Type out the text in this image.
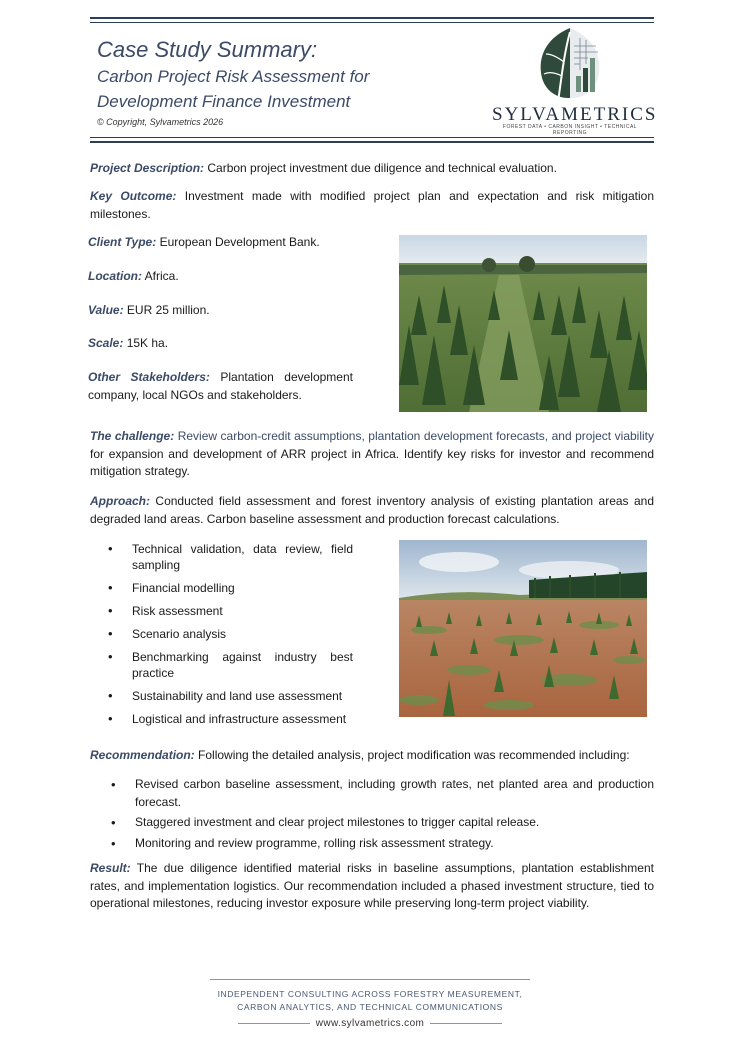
Case Study Summary:
Carbon Project Risk Assessment for
Development Finance Investment
© Copyright, Sylvametrics 2026	SYLVAMETRICS
FOREST DATA • CARBON INSIGHT • TECHNICAL REPORTING
Project Description: Carbon project investment due diligence and technical evaluation.
Key Outcome: Investment made with modified project plan and expectation and risk mitigation milestones.
Client Type: European Development Bank.
Location: Africa.
Value: EUR 25 million.
Scale: 15K ha.
Other Stakeholders: Plantation development company, local NGOs and stakeholders.
The challenge: Review carbon-credit assumptions, plantation development forecasts, and project viability for expansion and development of ARR project in Africa. Identify key risks for investor and recommend mitigation strategy.
Approach: Conducted field assessment and forest inventory analysis of existing plantation areas and degraded land areas. Carbon baseline assessment and production forecast calculations.
• Technical validation, data review, field sampling
• Financial modelling
• Risk assessment
• Scenario analysis
• Benchmarking against industry best practice
• Sustainability and land use assessment
• Logistical and infrastructure assessment
Recommendation: Following the detailed analysis, project modification was recommended including:
• Revised carbon baseline assessment, including growth rates, net planted area and production forecast.
• Staggered investment and clear project milestones to trigger capital release.
• Monitoring and review programme, rolling risk assessment strategy.
Result: The due diligence identified material risks in baseline assumptions, plantation establishment rates, and implementation logistics. Our recommendation included a phased investment structure, tied to operational milestones, reducing investor exposure while preserving long-term project viability.
INDEPENDENT CONSULTING ACROSS FORESTRY MEASUREMENT,
CARBON ANALYTICS, AND TECHNICAL COMMUNICATIONS
www.sylvametrics.com
